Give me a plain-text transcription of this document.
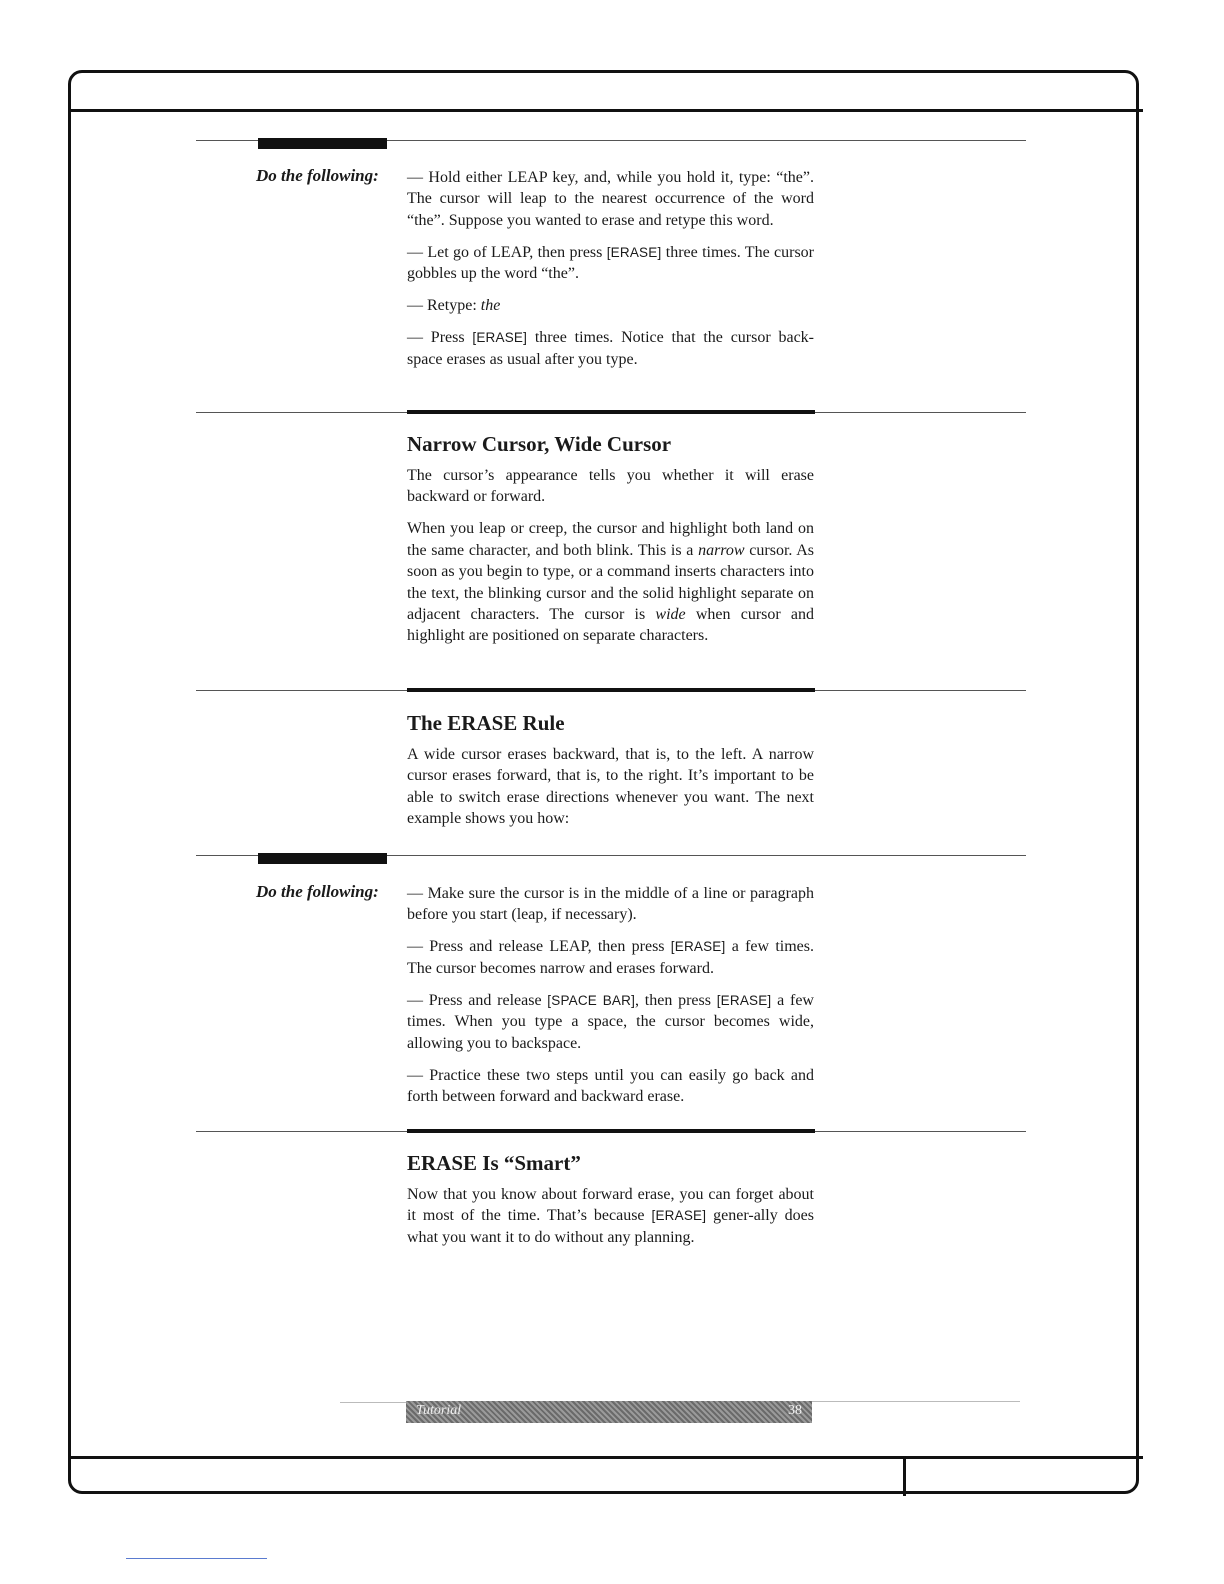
Do the following:	— Hold either LEAP key, and, while you hold it, type: “the”. The cursor will leap to the nearest occurrence of the word “the”. Suppose you wanted to erase and retype this word.

— Let go of LEAP, then press [ERASE] three times. The cursor gobbles up the word “the”.

— Retype: the

— Press [ERASE] three times. Notice that the cursor back-space erases as usual after you type.

Narrow Cursor, Wide Cursor

The cursor’s appearance tells you whether it will erase backward or forward.

When you leap or creep, the cursor and highlight both land on the same character, and both blink. This is a narrow cursor. As soon as you begin to type, or a command inserts characters into the text, the blinking cursor and the solid highlight separate on adjacent characters. The cursor is wide when cursor and highlight are positioned on separate characters.

The ERASE Rule

A wide cursor erases backward, that is, to the left. A narrow cursor erases forward, that is, to the right. It’s important to be able to switch erase directions whenever you want. The next example shows you how:

Do the following:	— Make sure the cursor is in the middle of a line or paragraph before you start (leap, if necessary).

— Press and release LEAP, then press [ERASE] a few times. The cursor becomes narrow and erases forward.

— Press and release [SPACE BAR], then press [ERASE] a few times. When you type a space, the cursor becomes wide, allowing you to backspace.

— Practice these two steps until you can easily go back and forth between forward and backward erase.

ERASE Is “Smart”

Now that you know about forward erase, you can forget about it most of the time. That’s because [ERASE] gener-ally does what you want it to do without any planning.

Tutorial	38
